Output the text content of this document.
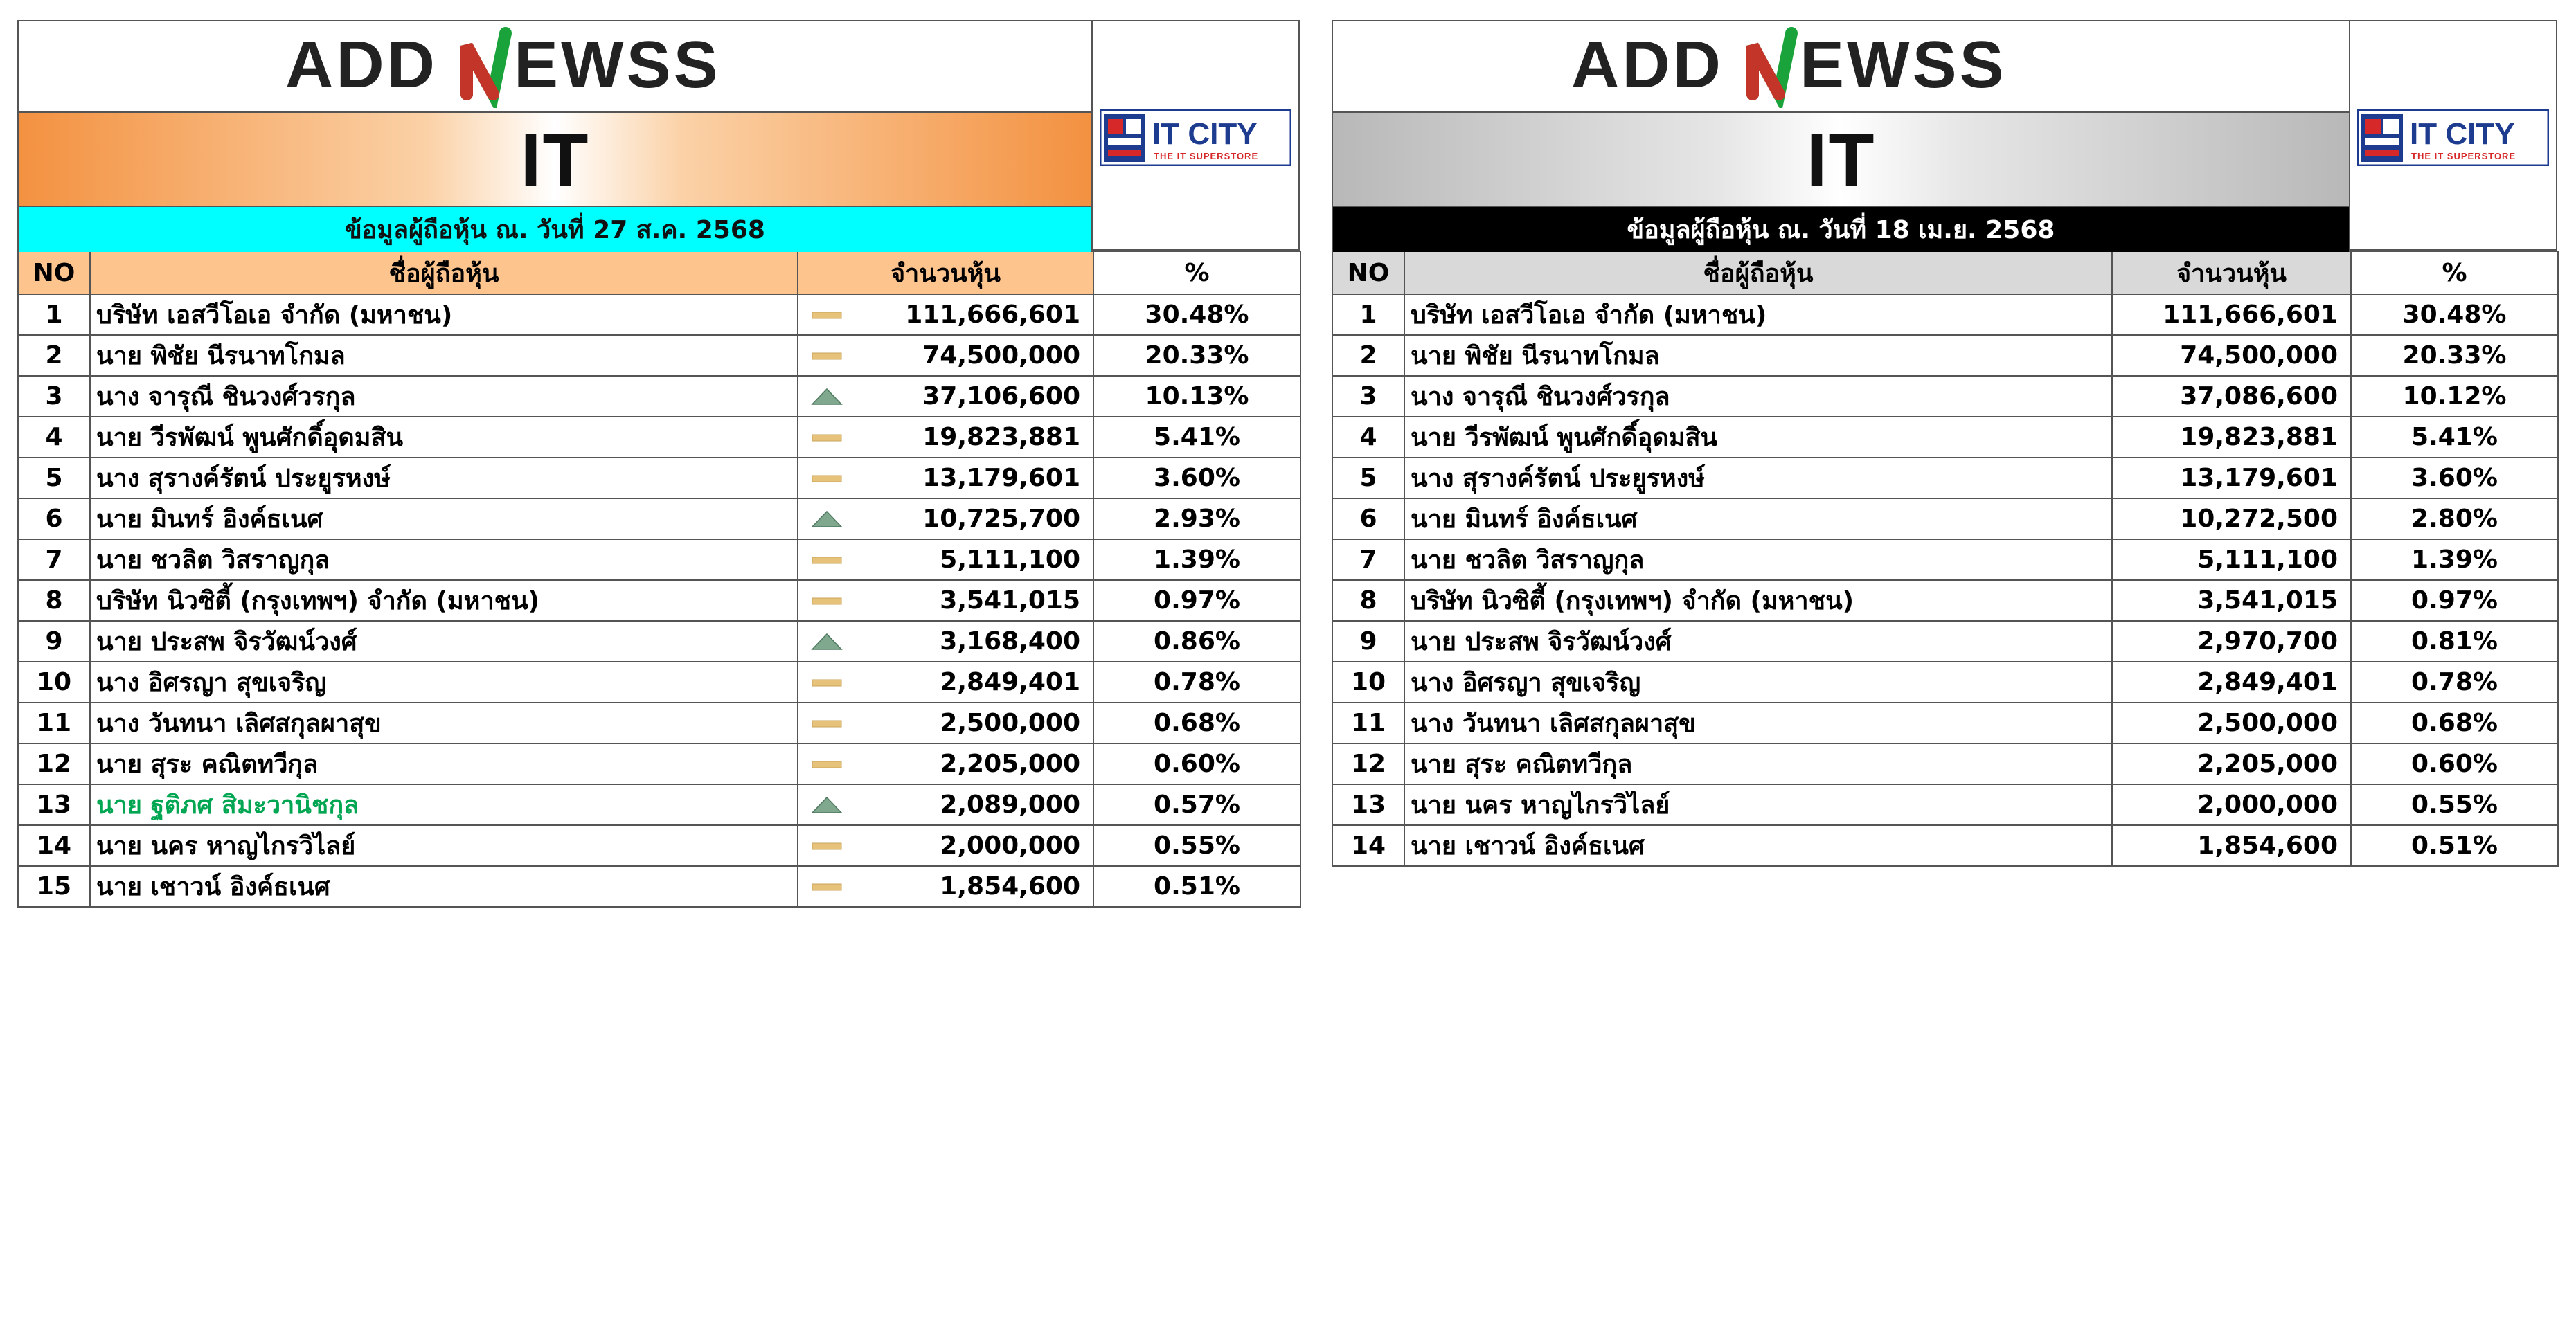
ADD EWSS
ADDNEWSS
IT
ข้อมูลผู้ถือหุ้น ณ. วันที่ 27 ส.ค. 2568
IT CITY
THE IT SUPERSTORE
NO	ชื่อผู้ถือหุ้น	จำนวนหุ้น	%
1	บริษัท เอสวีโอเอ จำกัด (มหาชน)	111,666,601	30.48%
2	นาย พิชัย นีรนาทโกมล	74,500,000	20.33%
3	นาง จารุณี ชินวงศ์วรกุล	37,106,600	10.13%
4	นาย วีรพัฒน์ พูนศักดิ์อุดมสิน	19,823,881	5.41%
5	นาง สุรางค์รัตน์ ประยูรหงษ์	13,179,601	3.60%
6	นาย มินทร์ อิงค์ธเนศ	10,725,700	2.93%
7	นาย ชวลิต วิสราญกุล	5,111,100	1.39%
8	บริษัท นิวซิตี้ (กรุงเทพฯ) จำกัด (มหาชน)	3,541,015	0.97%
9	นาย ประสพ จิรวัฒน์วงศ์	3,168,400	0.86%
10	นาง อิศรญา สุขเจริญ	2,849,401	0.78%
11	นาง วันทนา เลิศสกุลผาสุข	2,500,000	0.68%
12	นาย สุระ คณิตทวีกุล	2,205,000	0.60%
13	นาย ฐติภศ สิมะวานิชกุล	2,089,000	0.57%
14	นาย นคร หาญไกรวิไลย์	2,000,000	0.55%
15	นาย เชาวน์ อิงค์ธเนศ	1,854,600	0.51%
ADD EWSS
ADDNEWSS
IT
ข้อมูลผู้ถือหุ้น ณ. วันที่ 18 เม.ย. 2568
IT CITY
THE IT SUPERSTORE
NO	ชื่อผู้ถือหุ้น	จำนวนหุ้น	%
1	บริษัท เอสวีโอเอ จำกัด (มหาชน)	111,666,601	30.48%
2	นาย พิชัย นีรนาทโกมล	74,500,000	20.33%
3	นาง จารุณี ชินวงศ์วรกุล	37,086,600	10.12%
4	นาย วีรพัฒน์ พูนศักดิ์อุดมสิน	19,823,881	5.41%
5	นาง สุรางค์รัตน์ ประยูรหงษ์	13,179,601	3.60%
6	นาย มินทร์ อิงค์ธเนศ	10,272,500	2.80%
7	นาย ชวลิต วิสราญกุล	5,111,100	1.39%
8	บริษัท นิวซิตี้ (กรุงเทพฯ) จำกัด (มหาชน)	3,541,015	0.97%
9	นาย ประสพ จิรวัฒน์วงศ์	2,970,700	0.81%
10	นาง อิศรญา สุขเจริญ	2,849,401	0.78%
11	นาง วันทนา เลิศสกุลผาสุข	2,500,000	0.68%
12	นาย สุระ คณิตทวีกุล	2,205,000	0.60%
13	นาย นคร หาญไกรวิไลย์	2,000,000	0.55%
14	นาย เชาวน์ อิงค์ธเนศ	1,854,600	0.51%
